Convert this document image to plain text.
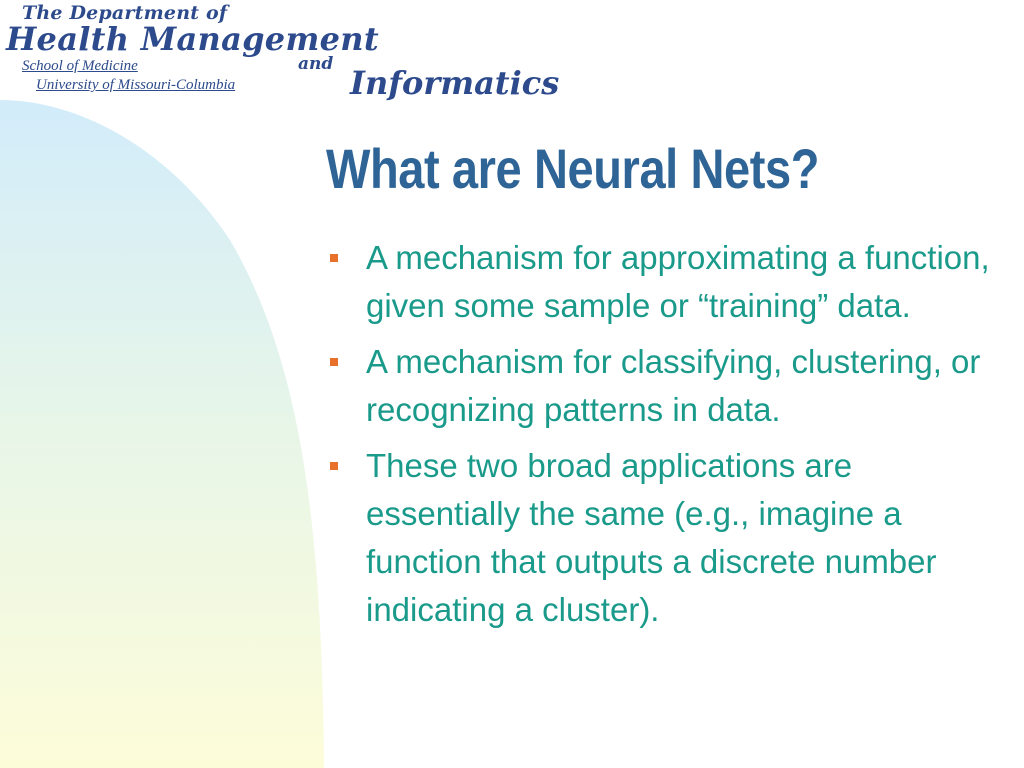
The Department of
Health Management
School of Medicine
University of Missouri-Columbia
and Informatics
What are Neural Nets?
A mechanism for approximating a function, given some sample or “training” data.
A mechanism for classifying, clustering, or recognizing patterns in data.
These two broad applications are essentially the same (e.g., imagine a function that outputs a discrete number indicating a cluster).
